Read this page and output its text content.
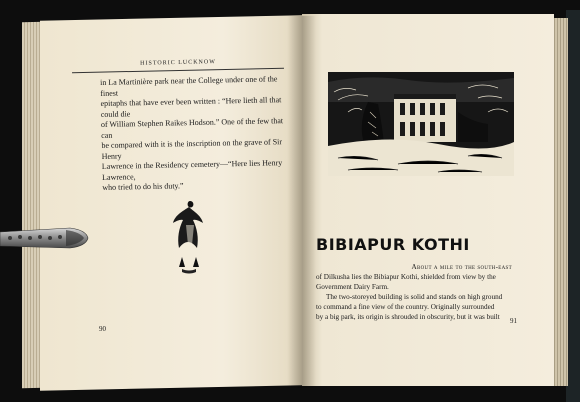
HISTORIC LUCKNOW

in La Martinière park near the College under one of the finest

epitaphs that have ever been written : “Here lieth all that could die

of William Stephen Raikes Hodson.” One of the few that can

be compared with it is the inscription on the grave of Sir Henry

Lawrence in the Residency cemetery—“Here lies Henry Lawrence,

who tried to do his duty.”

90
BIBIAPUR KOTHI

About a mile to the south-east

of Dilkusha lies the Bibiapur Kothi, shielded from view by the

Government Dairy Farm.

The two-storeyed building is solid and stands on high ground

to command a fine view of the country. Originally surrounded

by a big park, its origin is shrouded in obscurity, but it was built	91
